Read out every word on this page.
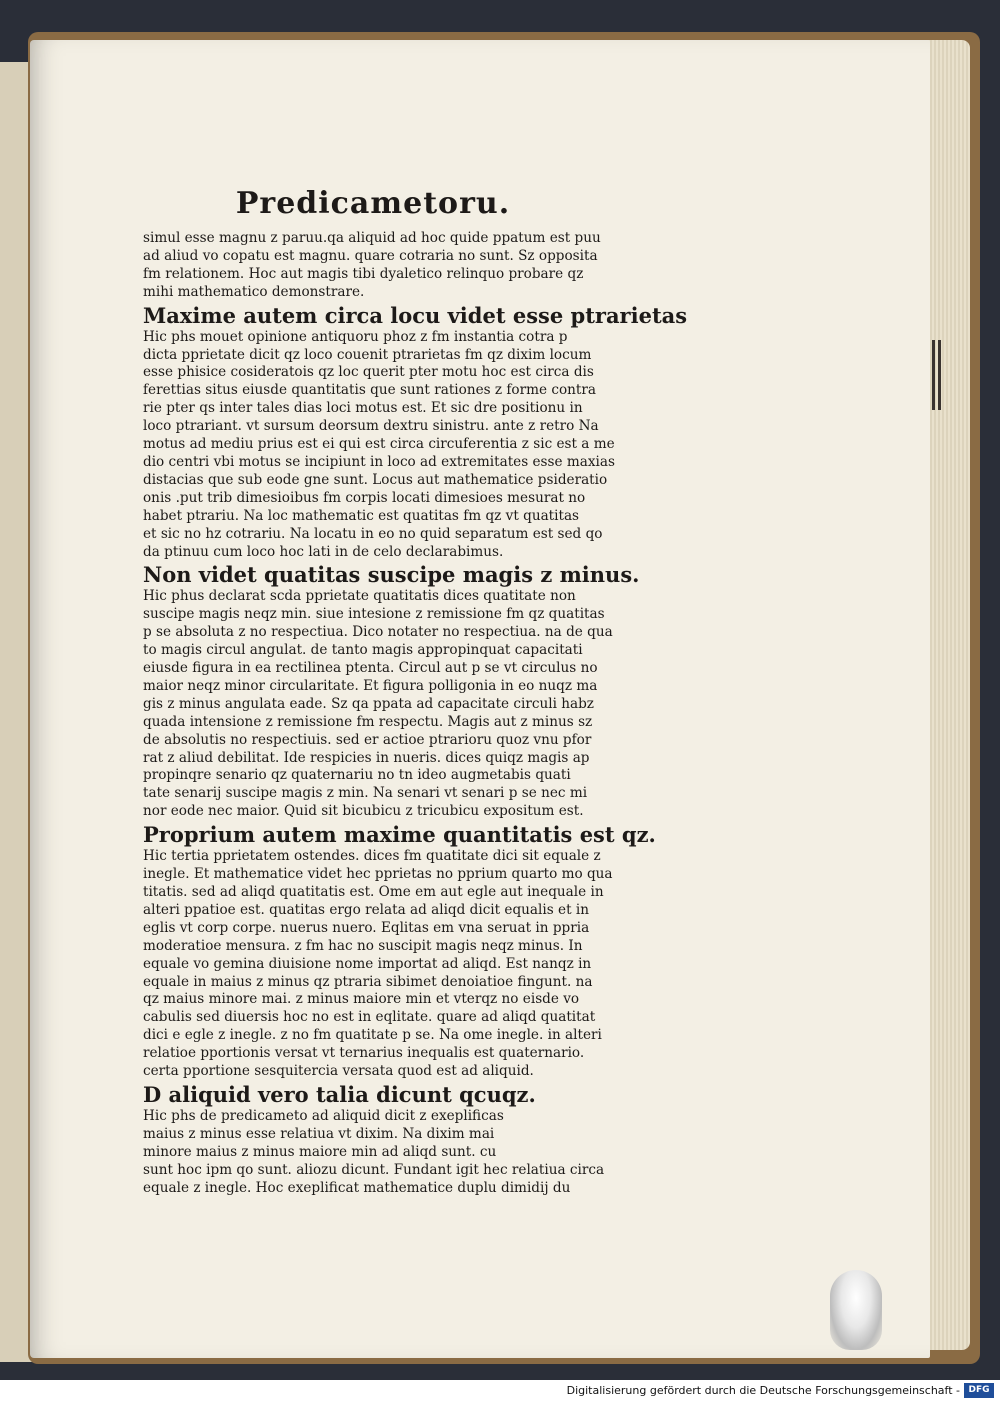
Predicametoru.
simul esse magnu z paruu.qa aliquid ad hoc quide ppatum est puu
ad aliud vo copatu est magnu. quare cotraria no sunt. Sz opposita
fm relationem. Hoc aut magis tibi dyaletico relinquo probare qz
mihi mathematico demonstrare.
Maxime autem circa locu videt esse ptrarietas
Hic phs mouet opinione antiquoru phoz z fm instantia cotra p
dicta pprietate dicit qz loco couenit ptrarietas fm qz dixim locum
esse phisice cosideratois qz loc querit pter motu hoc est circa dis
ferettias situs eiusde quantitatis que sunt rationes z forme contra
rie pter qs inter tales dias loci motus est. Et sic dre positionu in
loco ptrariant. vt sursum deorsum dextru sinistru. ante z retro Na
motus ad mediu prius est ei qui est circa circuferentia z sic est a me
dio centri vbi motus se incipiunt in loco ad extremitates esse maxias
distacias que sub eode gne sunt. Locus aut mathematice psideratio
onis .put trib dimesioibus fm corpis locati dimesioes mesurat no
habet ptrariu. Na loc mathematic est quatitas fm qz vt quatitas
et sic no hz cotrariu. Na locatu in eo no quid separatum est sed qo
da ptinuu cum loco hoc lati in de celo declarabimus.
Non videt quatitas suscipe magis z minus.
Hic phus declarat scda pprietate quatitatis dices quatitate non
suscipe magis neqz min. siue intesione z remissione fm qz quatitas
p se absoluta z no respectiua. Dico notater no respectiua. na de qua
to magis circul angulat. de tanto magis appropinquat capacitati
eiusde figura in ea rectilinea ptenta. Circul aut p se vt circulus no
maior neqz minor circularitate. Et figura polligonia in eo nuqz ma
gis z minus angulata eade. Sz qa ppata ad capacitate circuli habz
quada intensione z remissione fm respectu. Magis aut z minus sz
de absolutis no respectiuis. sed er actioe ptrarioru quoz vnu pfor
rat z aliud debilitat. Ide respicies in nueris. dices quiqz magis ap
propinqre senario qz quaternariu no tn ideo augmetabis quati
tate senarij suscipe magis z min. Na senari vt senari p se nec mi
nor eode nec maior. Quid sit bicubicu z tricubicu expositum est.
Proprium autem maxime quantitatis est qz.
Hic tertia pprietatem ostendes. dices fm quatitate dici sit equale z
inegle. Et mathematice videt hec pprietas no pprium quarto mo qua
titatis. sed ad aliqd quatitatis est. Ome em aut egle aut inequale in
alteri ppatioe est. quatitas ergo relata ad aliqd dicit equalis et in
eglis vt corp corpe. nuerus nuero. Eqlitas em vna seruat in ppria
moderatioe mensura. z fm hac no suscipit magis neqz minus. In
equale vo gemina diuisione nome importat ad aliqd. Est nanqz in
equale in maius z minus qz ptraria sibimet denoiatioe fingunt. na
qz maius minore mai. z minus maiore min et vterqz no eisde vo
cabulis sed diuersis hoc no est in eqlitate. quare ad aliqd quatitat
dici e egle z inegle. z no fm quatitate p se. Na ome inegle. in alteri
relatioe pportionis versat vt ternarius inequalis est quaternario.
certa pportione sesquitercia versata quod est ad aliquid.
D aliquid vero talia dicunt qcuqz.
Hic phs de predicameto ad aliquid dicit z exeplificas
maius z minus esse relatiua vt dixim. Na dixim mai
minore maius z minus maiore min ad aliqd sunt. cu
sunt hoc ipm qo sunt. aliozu dicunt. Fundant igit hec relatiua circa
equale z inegle. Hoc exeplificat mathematice duplu dimidij du
Digitalisierung gefördert durch die Deutsche Forschungsgemeinschaft - DFG
